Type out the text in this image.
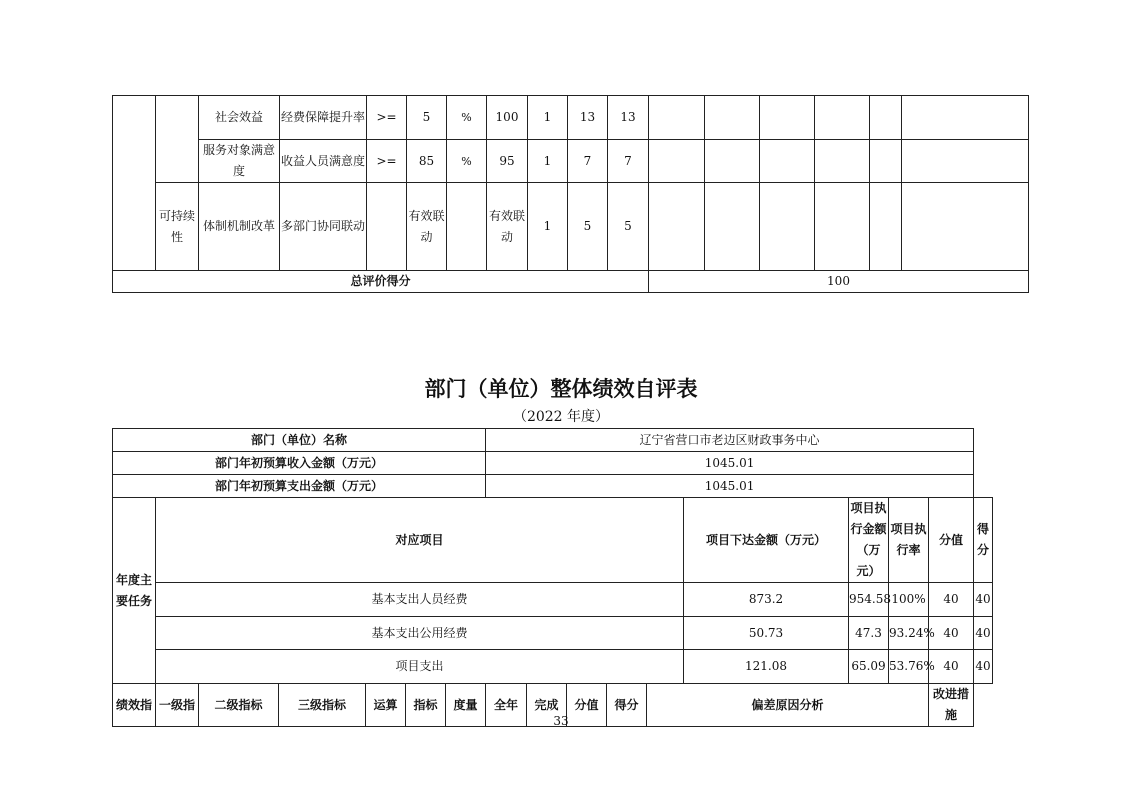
		社会效益	经费保障提升率	>=	5	%	100	1	13	13						
		服务对象满意度	收益人员满意度	>=	85	%	95	1	7	7						
	可持续性	体制机制改革	多部门协同联动		有效联动		有效联动	1	5	5						
总评价得分											100					
部门（单位）整体绩效自评表
（2022 年度）
部门（单位）名称							辽宁省营口市老边区财政事务中心									
部门年初预算收入金额（万元）							1045.01									
部门年初预算支出金额（万元）							1045.01									
年度主要任务	对应项目											项目下达金额（万元）	项目执行金额（万元）	项目执行率	分值	得分
	基本支出人员经费											873.2	954.58	100%	40	40
	基本支出公用经费											50.73	47.3	93.24%	40	40
	项目支出											121.08	65.09	53.76%	40	40
绩效指	一级指	二级指标	三级指标	运算	指标	度量	全年	完成	分值	得分	偏差原因分析				改进措施	
33
